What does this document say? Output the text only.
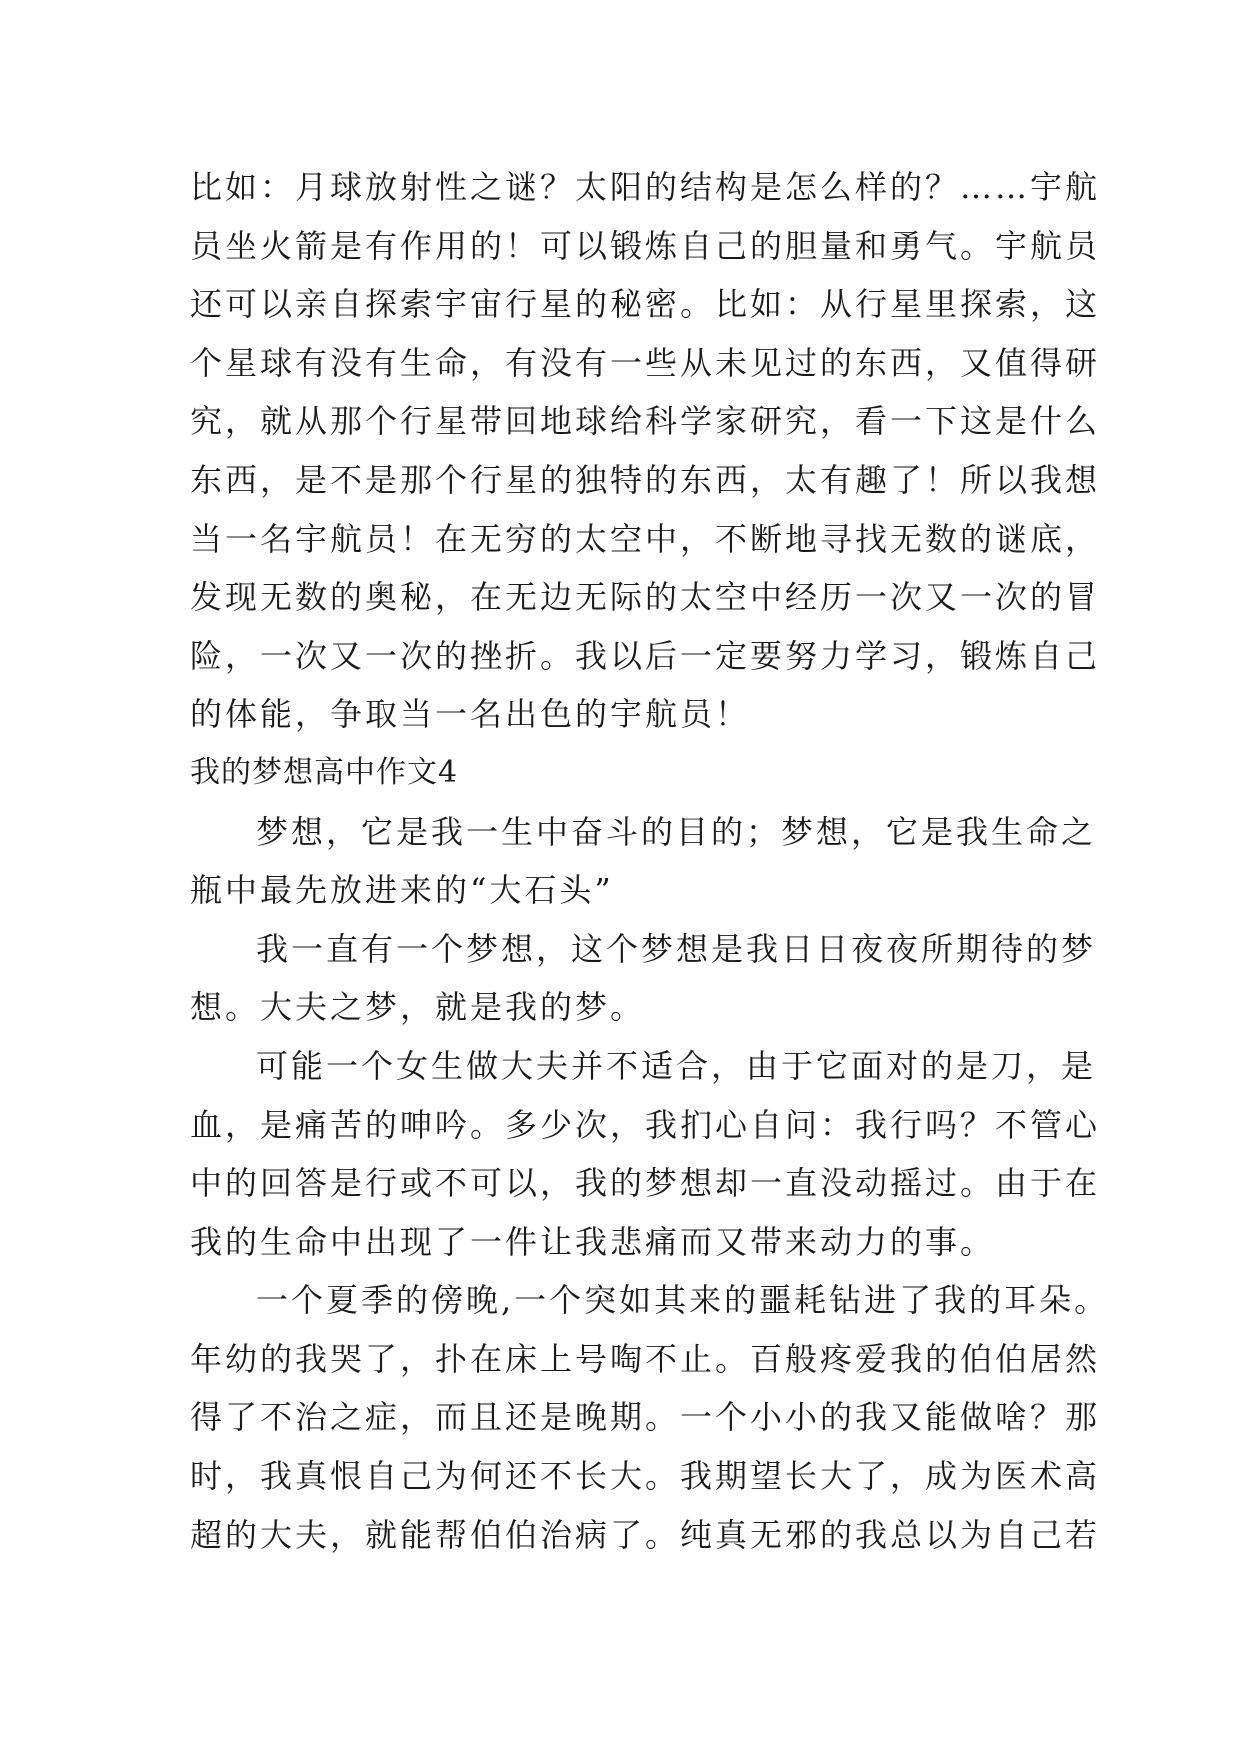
比如：月球放射性之谜？太阳的结构是怎么样的？……宇航
员坐火箭是有作用的！可以锻炼自己的胆量和勇气。宇航员
还可以亲自探索宇宙行星的秘密。比如：从行星里探索，这
个星球有没有生命，有没有一些从未见过的东西，又值得研
究，就从那个行星带回地球给科学家研究，看一下这是什么
东西，是不是那个行星的独特的东西，太有趣了！所以我想
当一名宇航员！在无穷的太空中，不断地寻找无数的谜底，
发现无数的奥秘，在无边无际的太空中经历一次又一次的冒
险，一次又一次的挫折。我以后一定要努力学习，锻炼自己
的体能，争取当一名出色的宇航员！
我的梦想高中作文4
梦想，它是我一生中奋斗的目的；梦想，它是我生命之
瓶中最先放进来的“大石头”
我一直有一个梦想，这个梦想是我日日夜夜所期待的梦
想。大夫之梦，就是我的梦。
可能一个女生做大夫并不适合，由于它面对的是刀，是
血，是痛苦的呻吟。多少次，我扪心自问：我行吗？不管心
中的回答是行或不可以，我的梦想却一直没动摇过。由于在
我的生命中出现了一件让我悲痛而又带来动力的事。
一个夏季的傍晚,一个突如其来的噩耗钻进了我的耳朵。
年幼的我哭了，扑在床上号啕不止。百般疼爱我的伯伯居然
得了不治之症，而且还是晚期。一个小小的我又能做啥？那
时，我真恨自己为何还不长大。我期望长大了，成为医术高
超的大夫，就能帮伯伯治病了。纯真无邪的我总以为自己若
